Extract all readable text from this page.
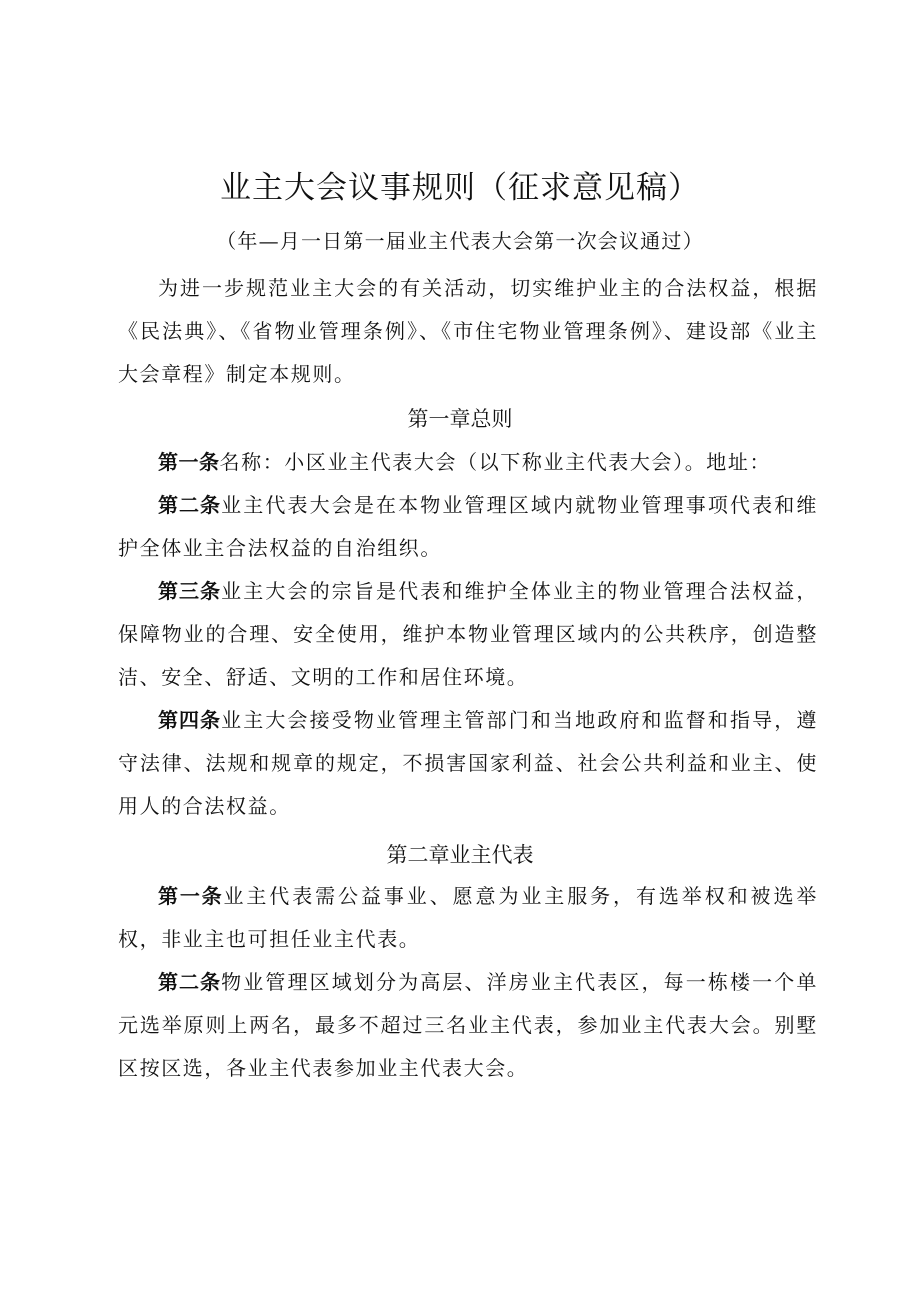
业主大会议事规则（征求意见稿）
（年—月一日第一届业主代表大会第一次会议通过）

为进一步规范业主大会的有关活动，切实维护业主的合法权益，根据《民法典》、《省物业管理条例》、《市住宅物业管理条例》、建设部《业主大会章程》制定本规则。

第一章总则

第一条名称：小区业主代表大会（以下称业主代表大会）。地址：

第二条业主代表大会是在本物业管理区域内就物业管理事项代表和维护全体业主合法权益的自治组织。

第三条业主大会的宗旨是代表和维护全体业主的物业管理合法权益，保障物业的合理、安全使用，维护本物业管理区域内的公共秩序，创造整洁、安全、舒适、文明的工作和居住环境。

第四条业主大会接受物业管理主管部门和当地政府和监督和指导，遵守法律、法规和规章的规定，不损害国家利益、社会公共利益和业主、使用人的合法权益。

第二章业主代表

第一条业主代表需公益事业、愿意为业主服务，有选举权和被选举权，非业主也可担任业主代表。

第二条物业管理区域划分为高层、洋房业主代表区，每一栋楼一个单元选举原则上两名，最多不超过三名业主代表，参加业主代表大会。别墅区按区选，各业主代表参加业主代表大会。
